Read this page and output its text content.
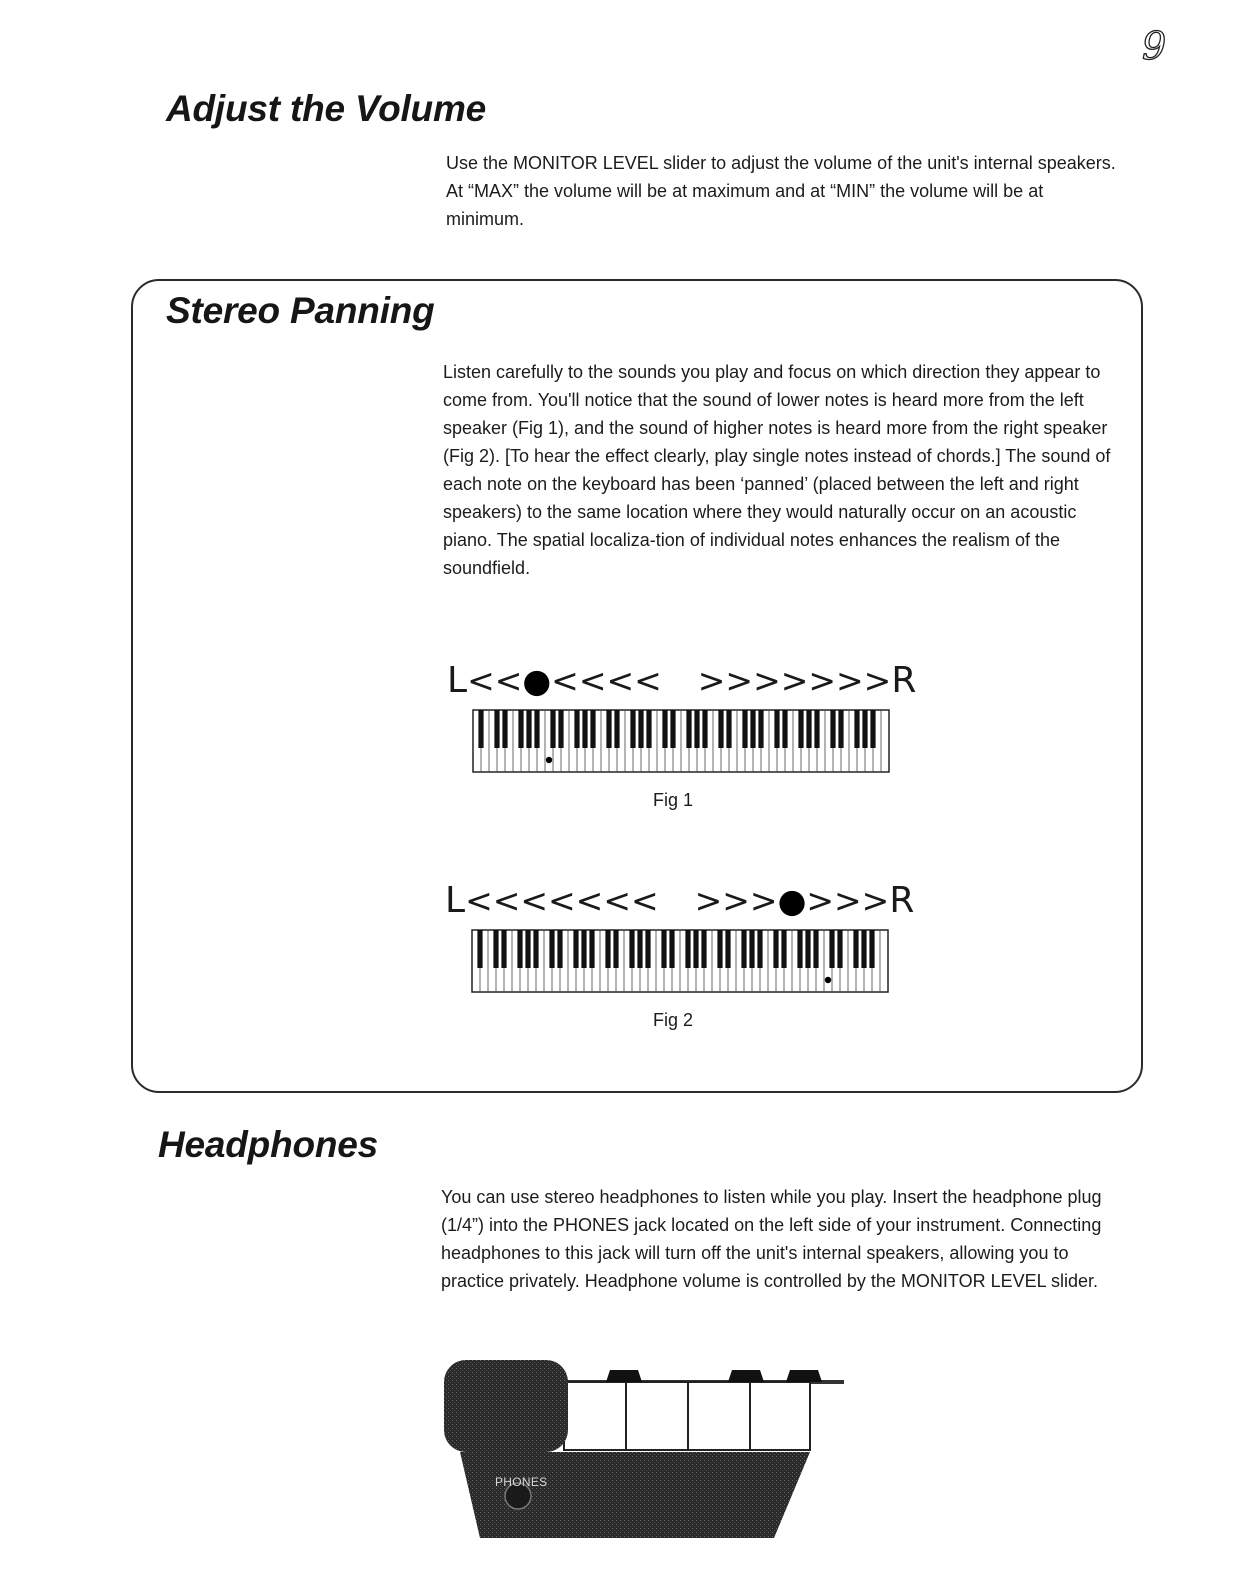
9
Adjust the Volume

Use the MONITOR LEVEL slider to adjust the volume of the unit's internal speakers. At “MAX” the volume will be at maximum and at “MIN” the volume will be at minimum.

Stereo Panning

Listen carefully to the sounds you play and focus on which direction they appear to come from. You'll notice that the sound of lower notes is heard more from the left speaker (Fig 1), and the sound of higher notes is heard more from the right speaker (Fig 2). [To hear the effect clearly, play single notes instead of chords.] The sound of each note on the keyboard has been ‘panned’ (placed between the left and right speakers) to the same location where they would naturally occur on an acoustic piano. The spatial localiza-tion of individual notes enhances the realism of the soundfield.

L<<●<<<< >>>>>>>R
Fig 1
L<<<<<<< >>>●>>>R
Fig 2
Headphones

You can use stereo headphones to listen while you play. Insert the headphone plug (1/4”) into the PHONES jack located on the left side of your instrument. Connecting headphones to this jack will turn off the unit's internal speakers, allowing you to practice privately. Headphone volume is controlled by the MONITOR LEVEL slider.

PHONES
